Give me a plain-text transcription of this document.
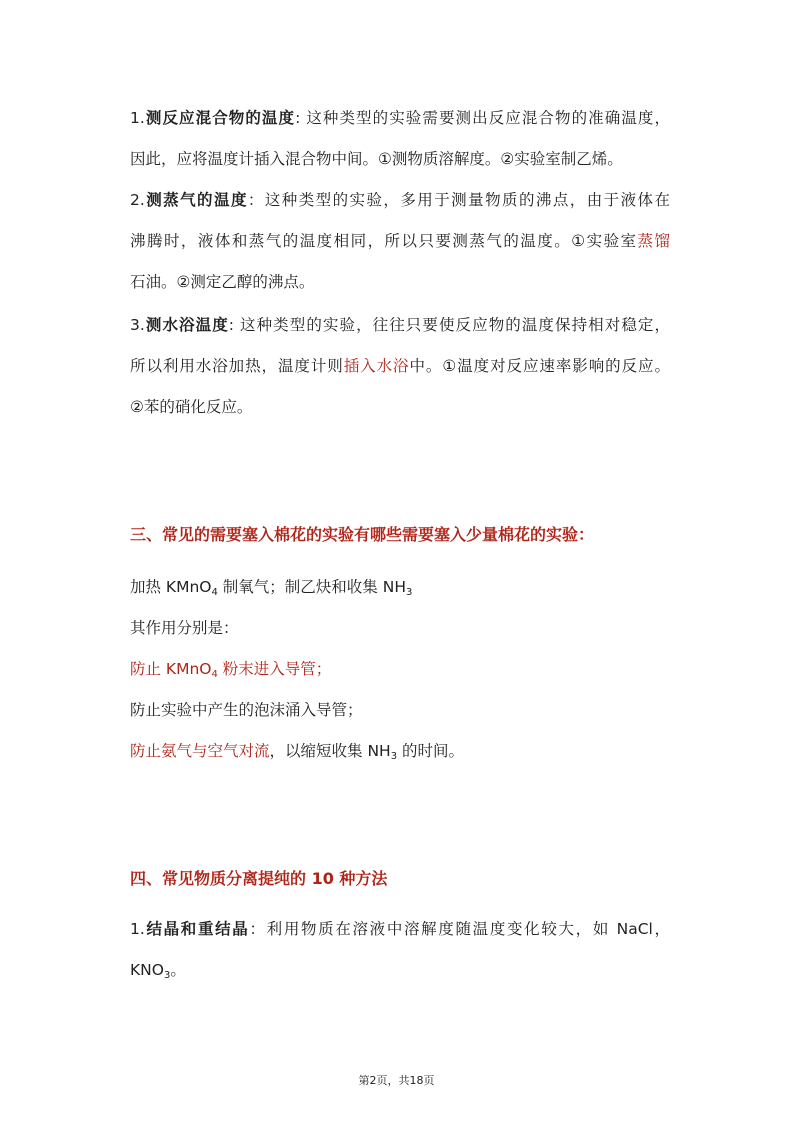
1.测反应混合物的温度: 这种类型的实验需要测出反应混合物的准确温度，
因此，应将温度计插入混合物中间。①测物质溶解度。②实验室制乙烯。
2.测蒸气的温度：这种类型的实验，多用于测量物质的沸点，由于液体在
沸腾时，液体和蒸气的温度相同，所以只要测蒸气的温度。①实验室蒸馏
石油。②测定乙醇的沸点。
3.测水浴温度: 这种类型的实验，往往只要使反应物的温度保持相对稳定，
所以利用水浴加热，温度计则插入水浴中。①温度对反应速率影响的反应。
②苯的硝化反应。
三、常见的需要塞入棉花的实验有哪些需要塞入少量棉花的实验：
加热 KMnO$_4$ 制氧气；制乙炔和收集 $NH_3$
其作用分别是：
防止 KMnO$_4$ 粉末进入导管；
防止实验中产生的泡沫涌入导管；
防止氨气与空气对流，以缩短收集 $NH_3$ 的时间。
四、常见物质分离提纯的 10 种方法
1.结晶和重结晶：利用物质在溶液中溶解度随温度变化较大，如 NaCl，
$KNO_3$。
第2页，共18页
